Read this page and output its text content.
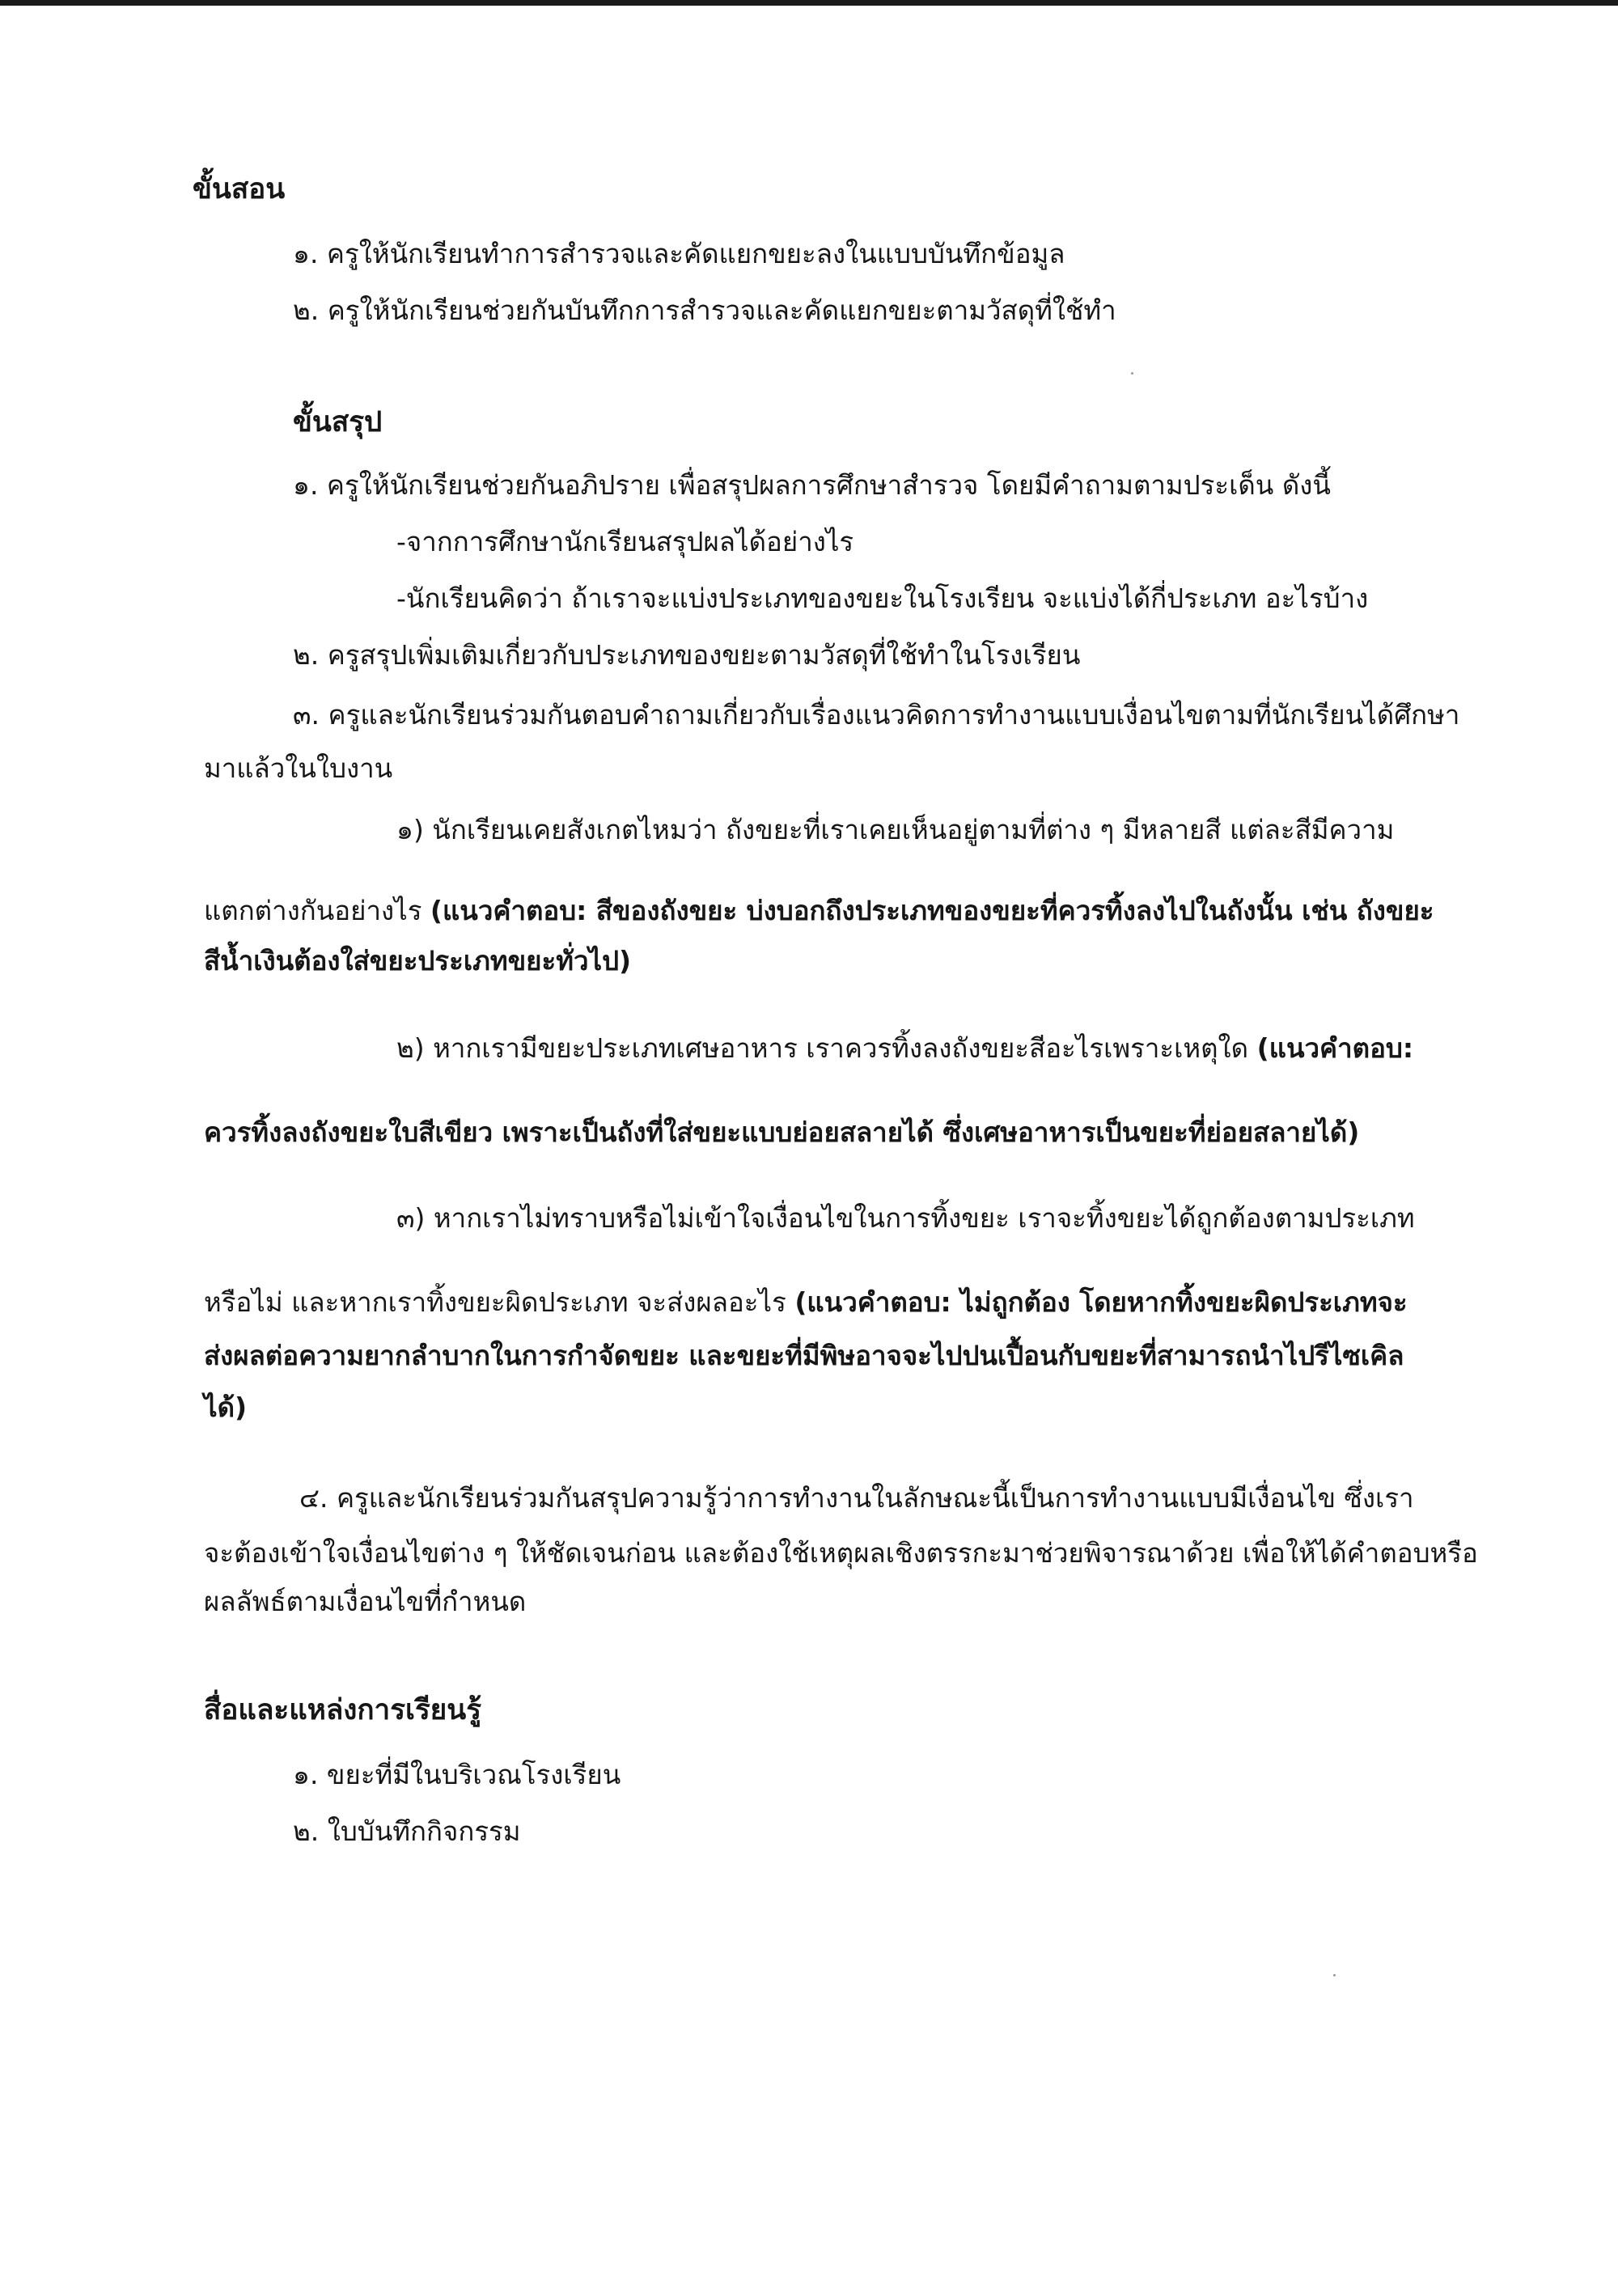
ขั้นสอน
๑. ครูให้นักเรียนทำการสำรวจและคัดแยกขยะลงในแบบบันทึกข้อมูล
๒. ครูให้นักเรียนช่วยกันบันทึกการสำรวจและคัดแยกขยะตามวัสดุที่ใช้ทำ
ขั้นสรุป
๑. ครูให้นักเรียนช่วยกันอภิปราย เพื่อสรุปผลการศึกษาสำรวจ โดยมีคำถามตามประเด็น ดังนี้
-จากการศึกษานักเรียนสรุปผลได้อย่างไร
-นักเรียนคิดว่า ถ้าเราจะแบ่งประเภทของขยะในโรงเรียน จะแบ่งได้กี่ประเภท อะไรบ้าง
๒. ครูสรุปเพิ่มเติมเกี่ยวกับประเภทของขยะตามวัสดุที่ใช้ทำในโรงเรียน
๓. ครูและนักเรียนร่วมกันตอบคำถามเกี่ยวกับเรื่องแนวคิดการทำงานแบบเงื่อนไขตามที่นักเรียนได้ศึกษา
มาแล้วในใบงาน
๑) นักเรียนเคยสังเกตไหมว่า ถังขยะที่เราเคยเห็นอยู่ตามที่ต่าง ๆ มีหลายสี แต่ละสีมีความ
แตกต่างกันอย่างไร (แนวคำตอบ: สีของถังขยะ บ่งบอกถึงประเภทของขยะที่ควรทิ้งลงไปในถังนั้น เช่น ถังขยะ
สีน้ำเงินต้องใส่ขยะประเภทขยะทั่วไป)
๒) หากเรามีขยะประเภทเศษอาหาร เราควรทิ้งลงถังขยะสีอะไรเพราะเหตุใด (แนวคำตอบ:
ควรทิ้งลงถังขยะใบสีเขียว เพราะเป็นถังที่ใส่ขยะแบบย่อยสลายได้ ซึ่งเศษอาหารเป็นขยะที่ย่อยสลายได้)
๓) หากเราไม่ทราบหรือไม่เข้าใจเงื่อนไขในการทิ้งขยะ เราจะทิ้งขยะได้ถูกต้องตามประเภท
หรือไม่ และหากเราทิ้งขยะผิดประเภท จะส่งผลอะไร (แนวคำตอบ: ไม่ถูกต้อง โดยหากทิ้งขยะผิดประเภทจะ
ส่งผลต่อความยากลำบากในการกำจัดขยะ และขยะที่มีพิษอาจจะไปปนเปื้อนกับขยะที่สามารถนำไปรีไซเคิล
ได้)
๔. ครูและนักเรียนร่วมกันสรุปความรู้ว่าการทำงานในลักษณะนี้เป็นการทำงานแบบมีเงื่อนไข ซึ่งเรา
จะต้องเข้าใจเงื่อนไขต่าง ๆ ให้ชัดเจนก่อน และต้องใช้เหตุผลเชิงตรรกะมาช่วยพิจารณาด้วย เพื่อให้ได้คำตอบหรือ
ผลลัพธ์ตามเงื่อนไขที่กำหนด
สื่อและแหล่งการเรียนรู้
๑. ขยะที่มีในบริเวณโรงเรียน
๒. ใบบันทึกกิจกรรม
